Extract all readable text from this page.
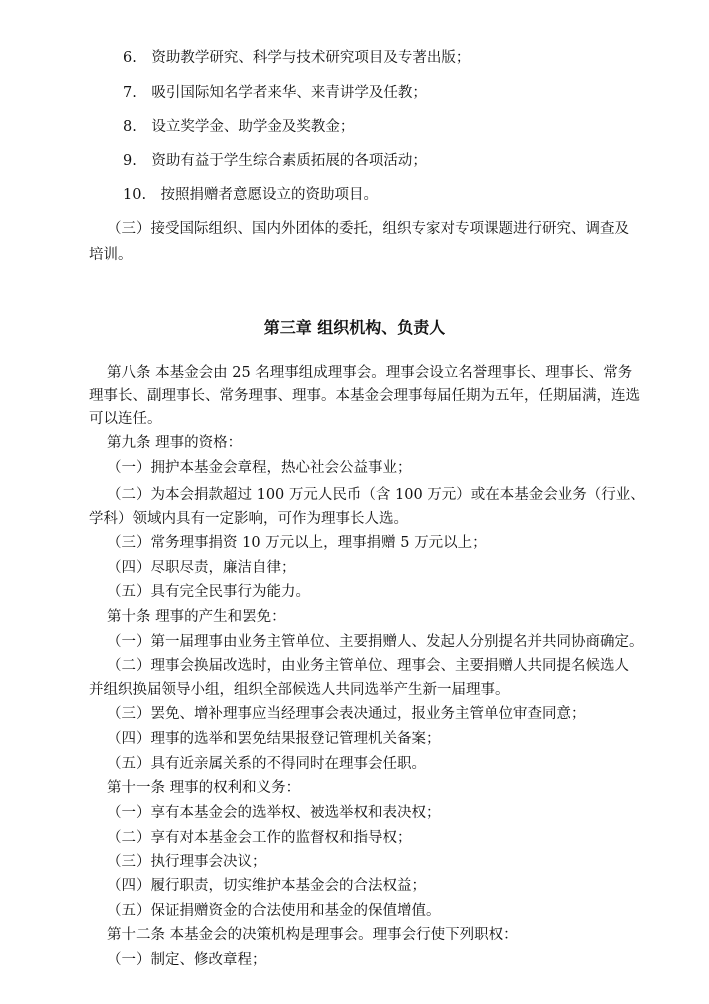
6.　资助教学研究、科学与技术研究项目及专著出版；
7.　吸引国际知名学者来华、来青讲学及任教；
8.　设立奖学金、助学金及奖教金；
9.　资助有益于学生综合素质拓展的各项活动；
10.　按照捐赠者意愿设立的资助项目。
（三）接受国际组织、国内外团体的委托，组织专家对专项课题进行研究、调查及
培训。
第三章 组织机构、负责人
第八条 本基金会由 25 名理事组成理事会。理事会设立名誉理事长、理事长、常务
理事长、副理事长、常务理事、理事。本基金会理事每届任期为五年，任期届满，连选
可以连任。
第九条 理事的资格：
（一）拥护本基金会章程，热心社会公益事业；
（二）为本会捐款超过 100 万元人民币（含 100 万元）或在本基金会业务（行业、
学科）领域内具有一定影响，可作为理事长人选。
（三）常务理事捐资 10 万元以上，理事捐赠 5 万元以上；
（四）尽职尽责，廉洁自律；
（五）具有完全民事行为能力。
第十条 理事的产生和罢免：
（一）第一届理事由业务主管单位、主要捐赠人、发起人分别提名并共同协商确定。
（二）理事会换届改选时，由业务主管单位、理事会、主要捐赠人共同提名候选人
并组织换届领导小组，组织全部候选人共同选举产生新一届理事。
（三）罢免、增补理事应当经理事会表决通过，报业务主管单位审查同意；
（四）理事的选举和罢免结果报登记管理机关备案；
（五）具有近亲属关系的不得同时在理事会任职。
第十一条 理事的权利和义务：
（一）享有本基金会的选举权、被选举权和表决权；
（二）享有对本基金会工作的监督权和指导权；
（三）执行理事会决议；
（四）履行职责，切实维护本基金会的合法权益；
（五）保证捐赠资金的合法使用和基金的保值增值。
第十二条 本基金会的决策机构是理事会。理事会行使下列职权：
（一）制定、修改章程；
